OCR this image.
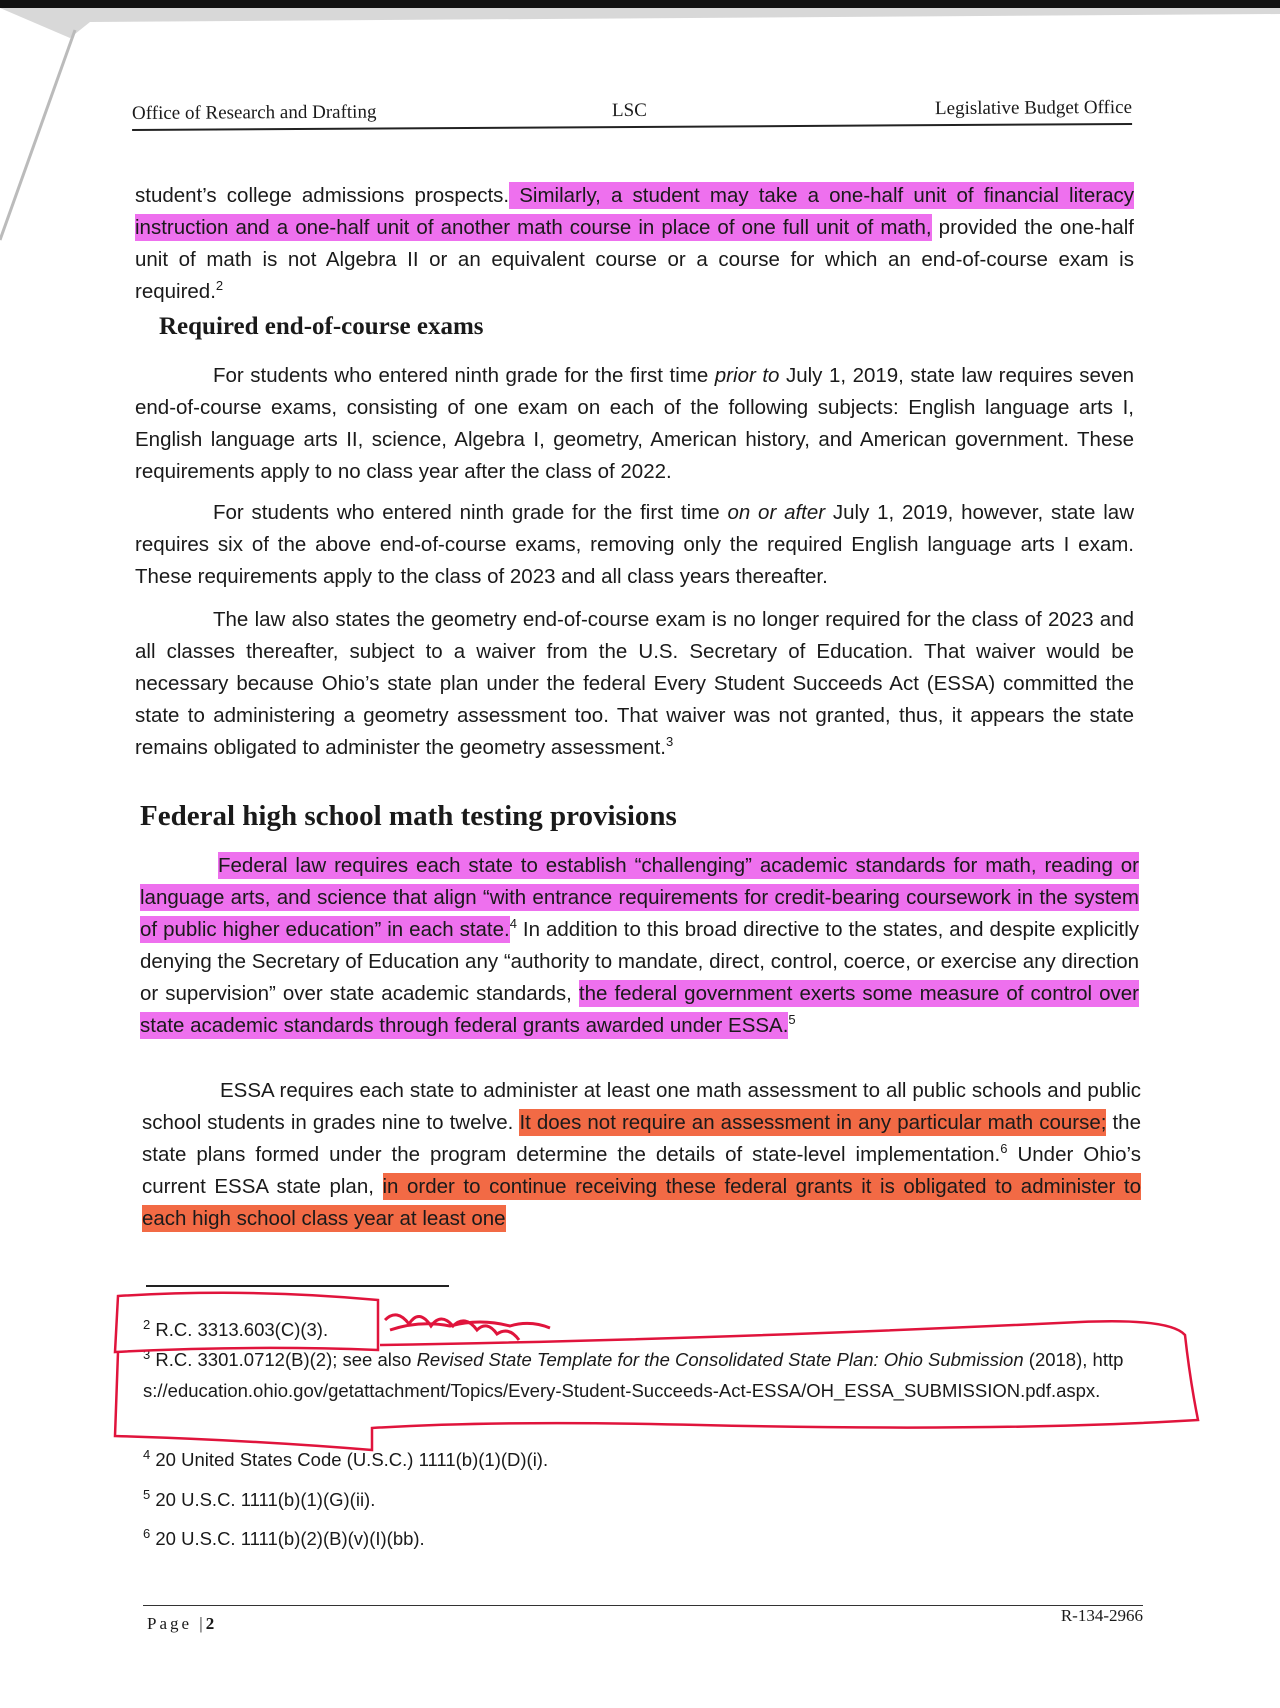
Office of Research and Drafting	LSC	Legislative Budget Office

student’s college admissions prospects. Similarly, a student may take a one-half unit of financial literacy instruction and a one-half unit of another math course in place of one full unit of math, provided the one-half unit of math is not Algebra II or an equivalent course or a course for which an end-of-course exam is required.$^2$

Required end-of-course exams

For students who entered ninth grade for the first time prior to July 1, 2019, state law requires seven end-of-course exams, consisting of one exam on each of the following subjects: English language arts I, English language arts II, science, Algebra I, geometry, American history, and American government. These requirements apply to no class year after the class of 2022.

For students who entered ninth grade for the first time on or after July 1, 2019, however, state law requires six of the above end-of-course exams, removing only the required English language arts I exam. These requirements apply to the class of 2023 and all class years thereafter.

The law also states the geometry end-of-course exam is no longer required for the class of 2023 and all classes thereafter, subject to a waiver from the U.S. Secretary of Education. That waiver would be necessary because Ohio’s state plan under the federal Every Student Succeeds Act (ESSA) committed the state to administering a geometry assessment too. That waiver was not granted, thus, it appears the state remains obligated to administer the geometry assessment.$^3$

Federal high school math testing provisions

Federal law requires each state to establish “challenging” academic standards for math, reading or language arts, and science that align “with entrance requirements for credit-bearing coursework in the system of public higher education” in each state.$^4$ In addition to this broad directive to the states, and despite explicitly denying the Secretary of Education any “authority to mandate, direct, control, coerce, or exercise any direction or supervision” over state academic standards, the federal government exerts some measure of control over state academic standards through federal grants awarded under ESSA.$^5$

ESSA requires each state to administer at least one math assessment to all public schools and public school students in grades nine to twelve. It does not require an assessment in any particular math course; the state plans formed under the program determine the details of state-level implementation.$^6$ Under Ohio’s current ESSA state plan, in order to continue receiving these federal grants it is obligated to administer to each high school class year at least one

$^2$ R.C. 3313.603(C)(3).
$^3$ R.C. 3301.0712(B)(2); see also Revised State Template for the Consolidated State Plan: Ohio Submission (2018), https://education.ohio.gov/getattachment/Topics/Every-Student-Succeeds-Act-ESSA/OH_ESSA_SUBMISSION.pdf.aspx.
$^4$ 20 United States Code (U.S.C.) 1111(b)(1)(D)(i).
$^5$ 20 U.S.C. 1111(b)(1)(G)(ii).
$^6$ 20 U.S.C. 1111(b)(2)(B)(v)(I)(bb).
Page |2	R-134-2966
